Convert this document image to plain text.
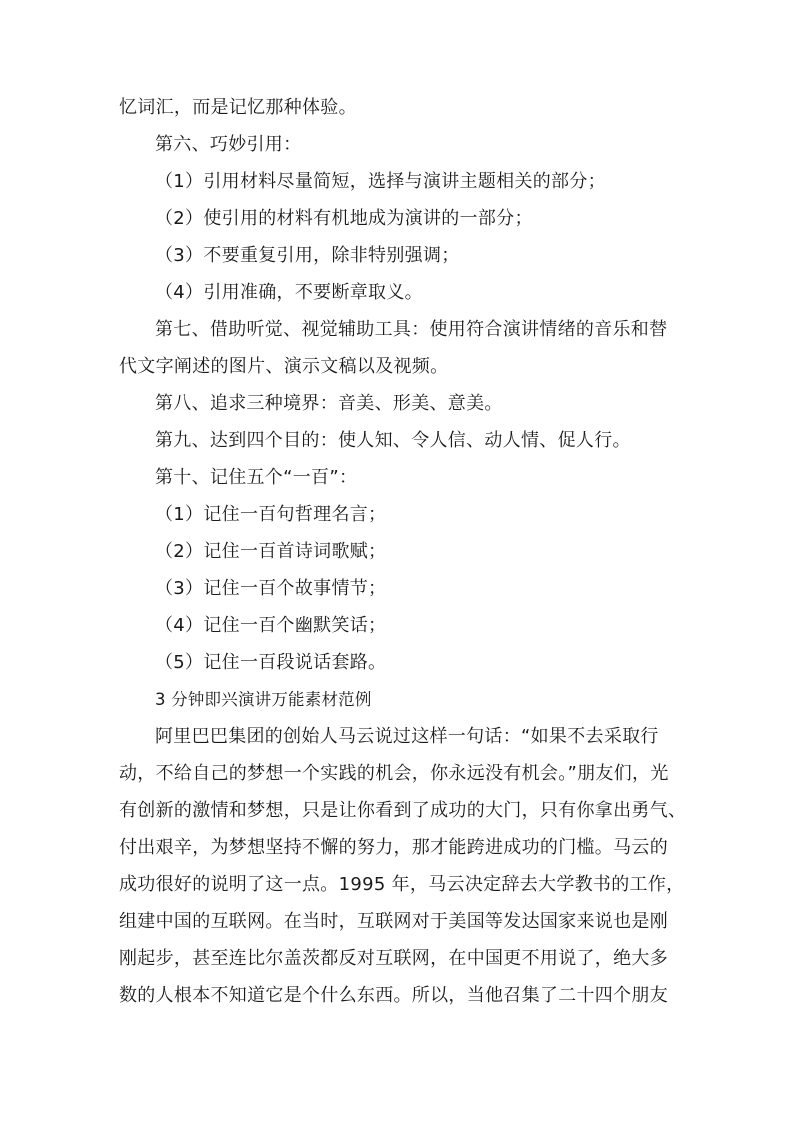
忆词汇，而是记忆那种体验。
第六、巧妙引用：
（1）引用材料尽量简短，选择与演讲主题相关的部分；
（2）使引用的材料有机地成为演讲的一部分；
（3）不要重复引用，除非特别强调；
（4）引用准确，不要断章取义。
第七、借助听觉、视觉辅助工具：使用符合演讲情绪的音乐和替
代文字阐述的图片、演示文稿以及视频。
第八、追求三种境界：音美、形美、意美。
第九、达到四个目的：使人知、令人信、动人情、促人行。
第十、记住五个“一百”：
（1）记住一百句哲理名言；
（2）记住一百首诗词歌赋；
（3）记住一百个故事情节；
（4）记住一百个幽默笑话；
（5）记住一百段说话套路。
3 分钟即兴演讲万能素材范例
阿里巴巴集团的创始人马云说过这样一句话：“如果不去采取行
动，不给自己的梦想一个实践的机会，你永远没有机会。”朋友们，光
有创新的激情和梦想，只是让你看到了成功的大门，只有你拿出勇气、
付出艰辛，为梦想坚持不懈的努力，那才能跨进成功的门槛。马云的
成功很好的说明了这一点。1995 年，马云决定辞去大学教书的工作，
组建中国的互联网。在当时，互联网对于美国等发达国家来说也是刚
刚起步，甚至连比尔盖茨都反对互联网，在中国更不用说了，绝大多
数的人根本不知道它是个什么东西。所以，当他召集了二十四个朋友
